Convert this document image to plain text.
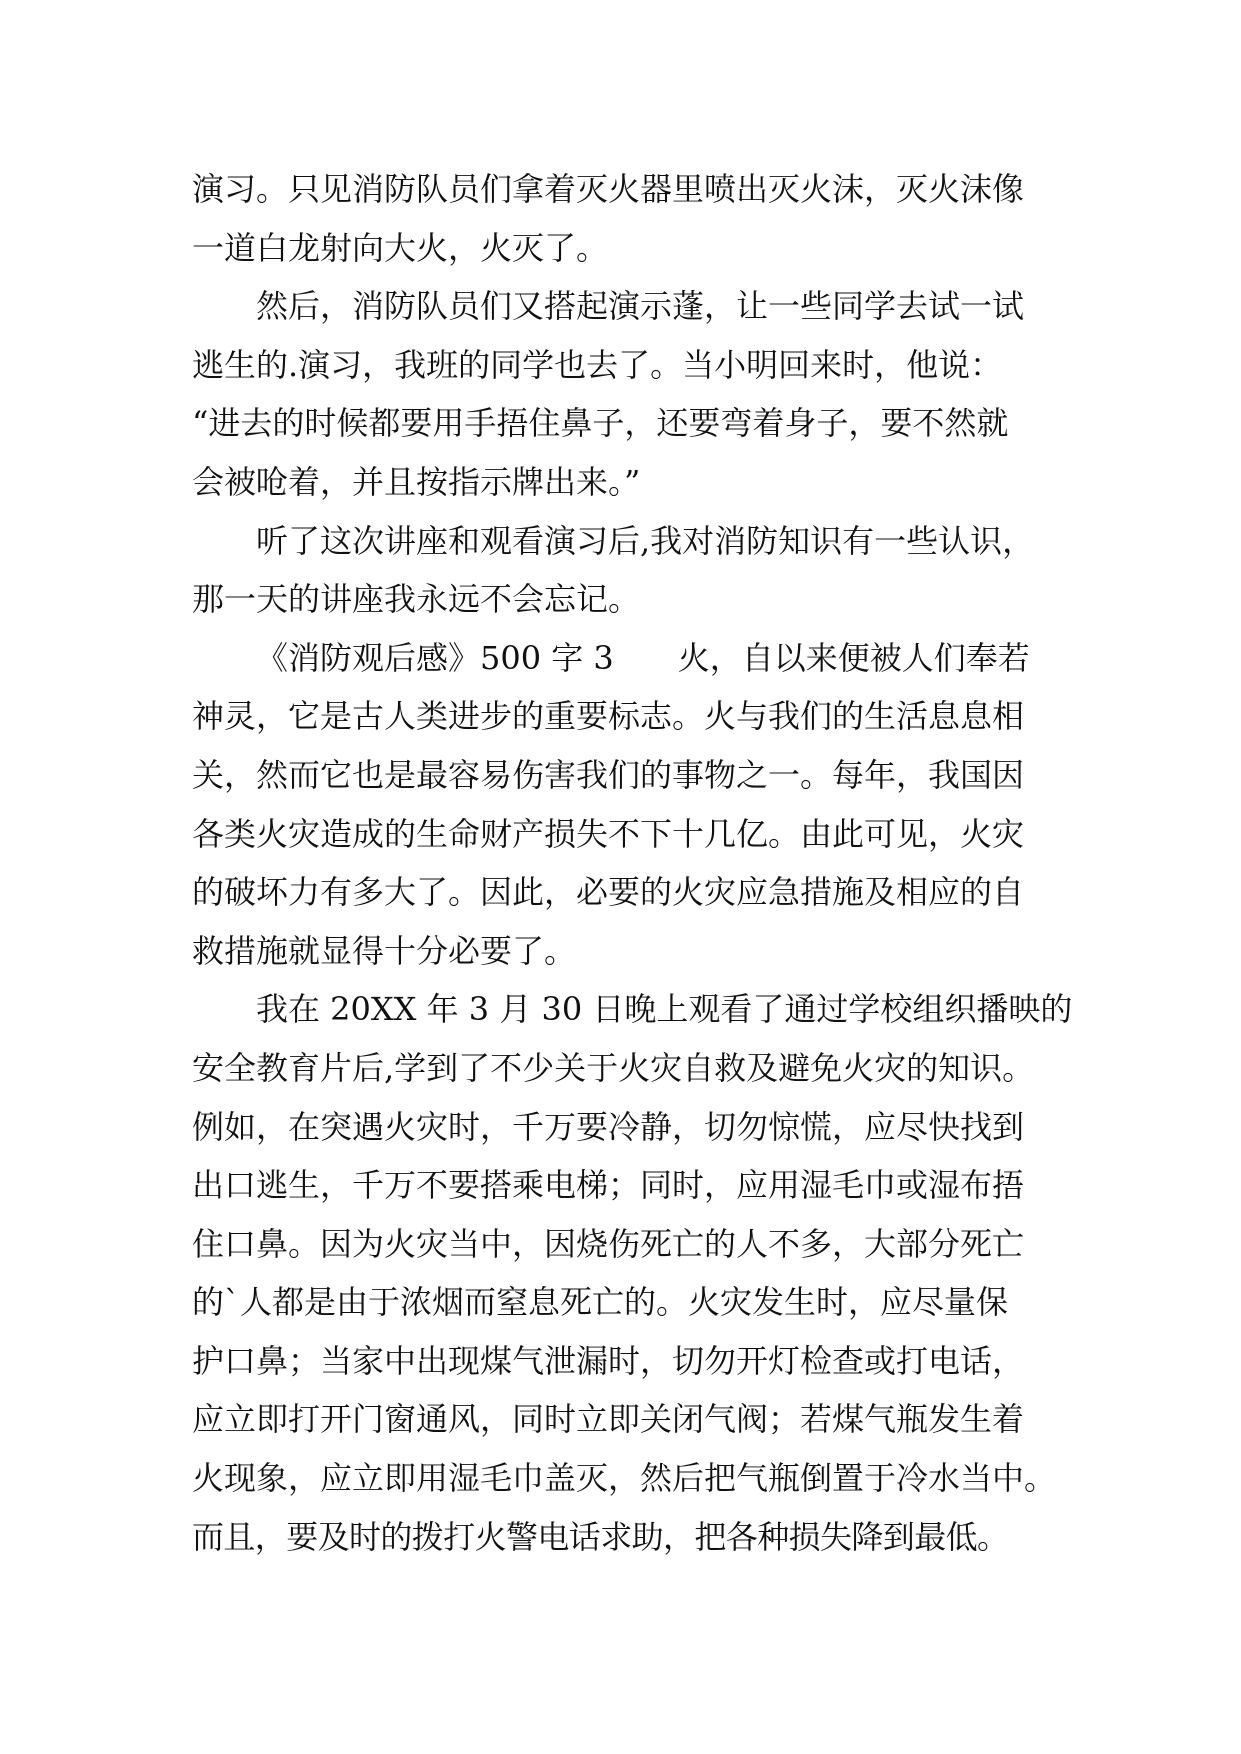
演习。只见消防队员们拿着灭火器里喷出灭火沫，灭火沫像
一道白龙射向大火，火灭了。
然后，消防队员们又搭起演示蓬，让一些同学去试一试
逃生的.演习，我班的同学也去了。当小明回来时，他说：
“进去的时候都要用手捂住鼻子，还要弯着身子，要不然就
会被呛着，并且按指示牌出来。”
听了这次讲座和观看演习后,我对消防知识有一些认识，
那一天的讲座我永远不会忘记。
《消防观后感》500 字 3　　火，自以来便被人们奉若
神灵，它是古人类进步的重要标志。火与我们的生活息息相
关，然而它也是最容易伤害我们的事物之一。每年，我国因
各类火灾造成的生命财产损失不下十几亿。由此可见，火灾
的破坏力有多大了。因此，必要的火灾应急措施及相应的自
救措施就显得十分必要了。
我在 20XX 年 3 月 30 日晚上观看了通过学校组织播映的
安全教育片后,学到了不少关于火灾自救及避免火灾的知识。
例如，在突遇火灾时，千万要冷静，切勿惊慌，应尽快找到
出口逃生，千万不要搭乘电梯；同时，应用湿毛巾或湿布捂
住口鼻。因为火灾当中，因烧伤死亡的人不多，大部分死亡
的`人都是由于浓烟而窒息死亡的。火灾发生时，应尽量保
护口鼻；当家中出现煤气泄漏时，切勿开灯检查或打电话，
应立即打开门窗通风，同时立即关闭气阀；若煤气瓶发生着
火现象，应立即用湿毛巾盖灭，然后把气瓶倒置于冷水当中。
而且，要及时的拨打火警电话求助，把各种损失降到最低。
